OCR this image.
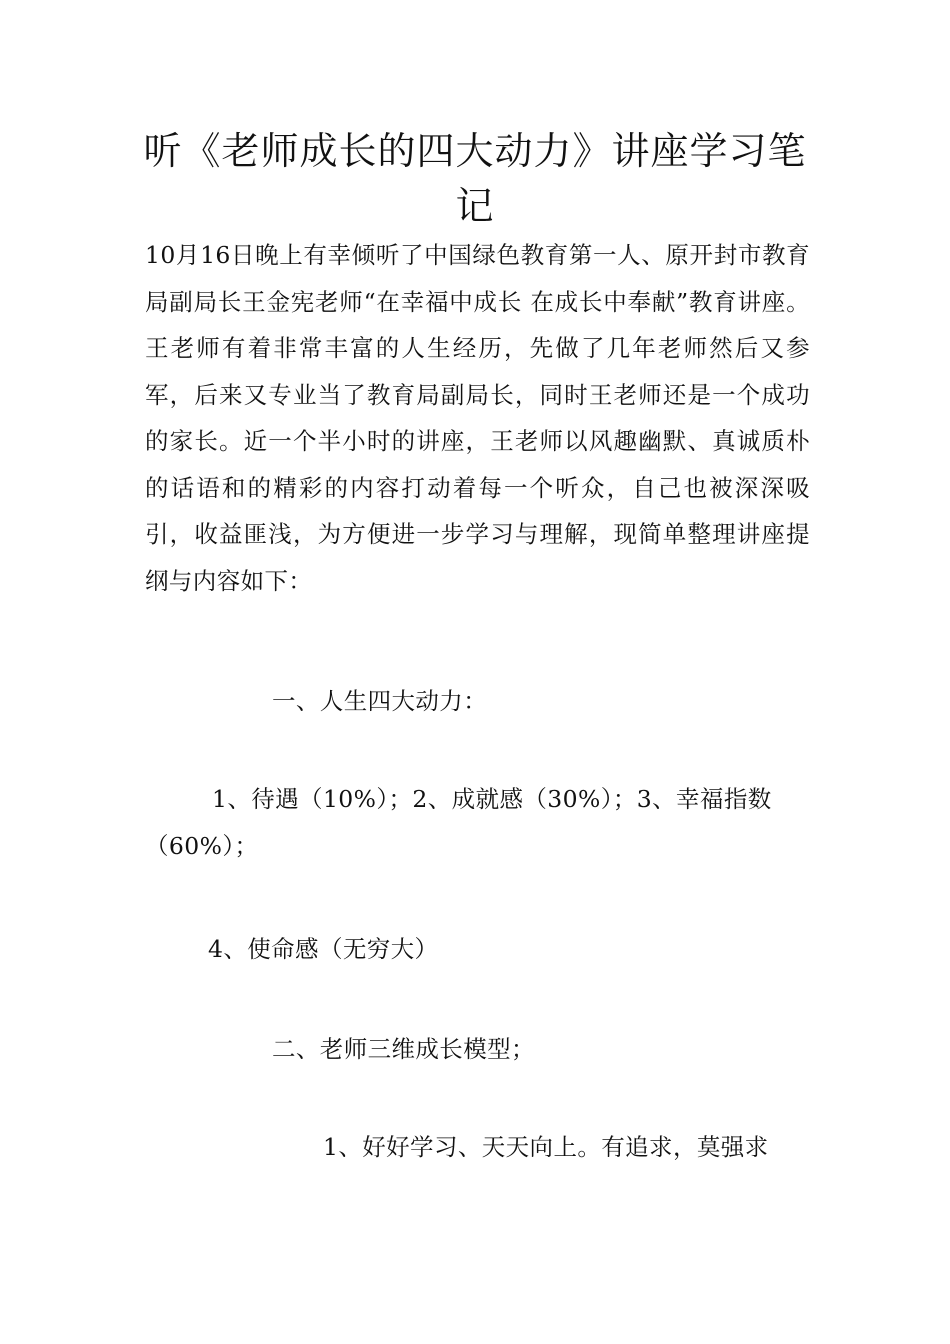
听《老师成长的四大动力》讲座学习笔记

10月16日晚上有幸倾听了中国绿色教育第一人、原开封市教育局副局长王金宪老师“在幸福中成长 在成长中奉献”教育讲座。王老师有着非常丰富的人生经历，先做了几年老师然后又参军，后来又专业当了教育局副局长，同时王老师还是一个成功的家长。近一个半小时的讲座，王老师以风趣幽默、真诚质朴的话语和的精彩的内容打动着每一个听众，自己也被深深吸引，收益匪浅，为方便进一步学习与理解，现简单整理讲座提纲与内容如下：

一、人生四大动力：

1、待遇（10%）；2、成就感（30%）；3、幸福指数

（60%）；

4、使命感（无穷大）

二、老师三维成长模型；

1、好好学习、天天向上。有追求，莫强求
